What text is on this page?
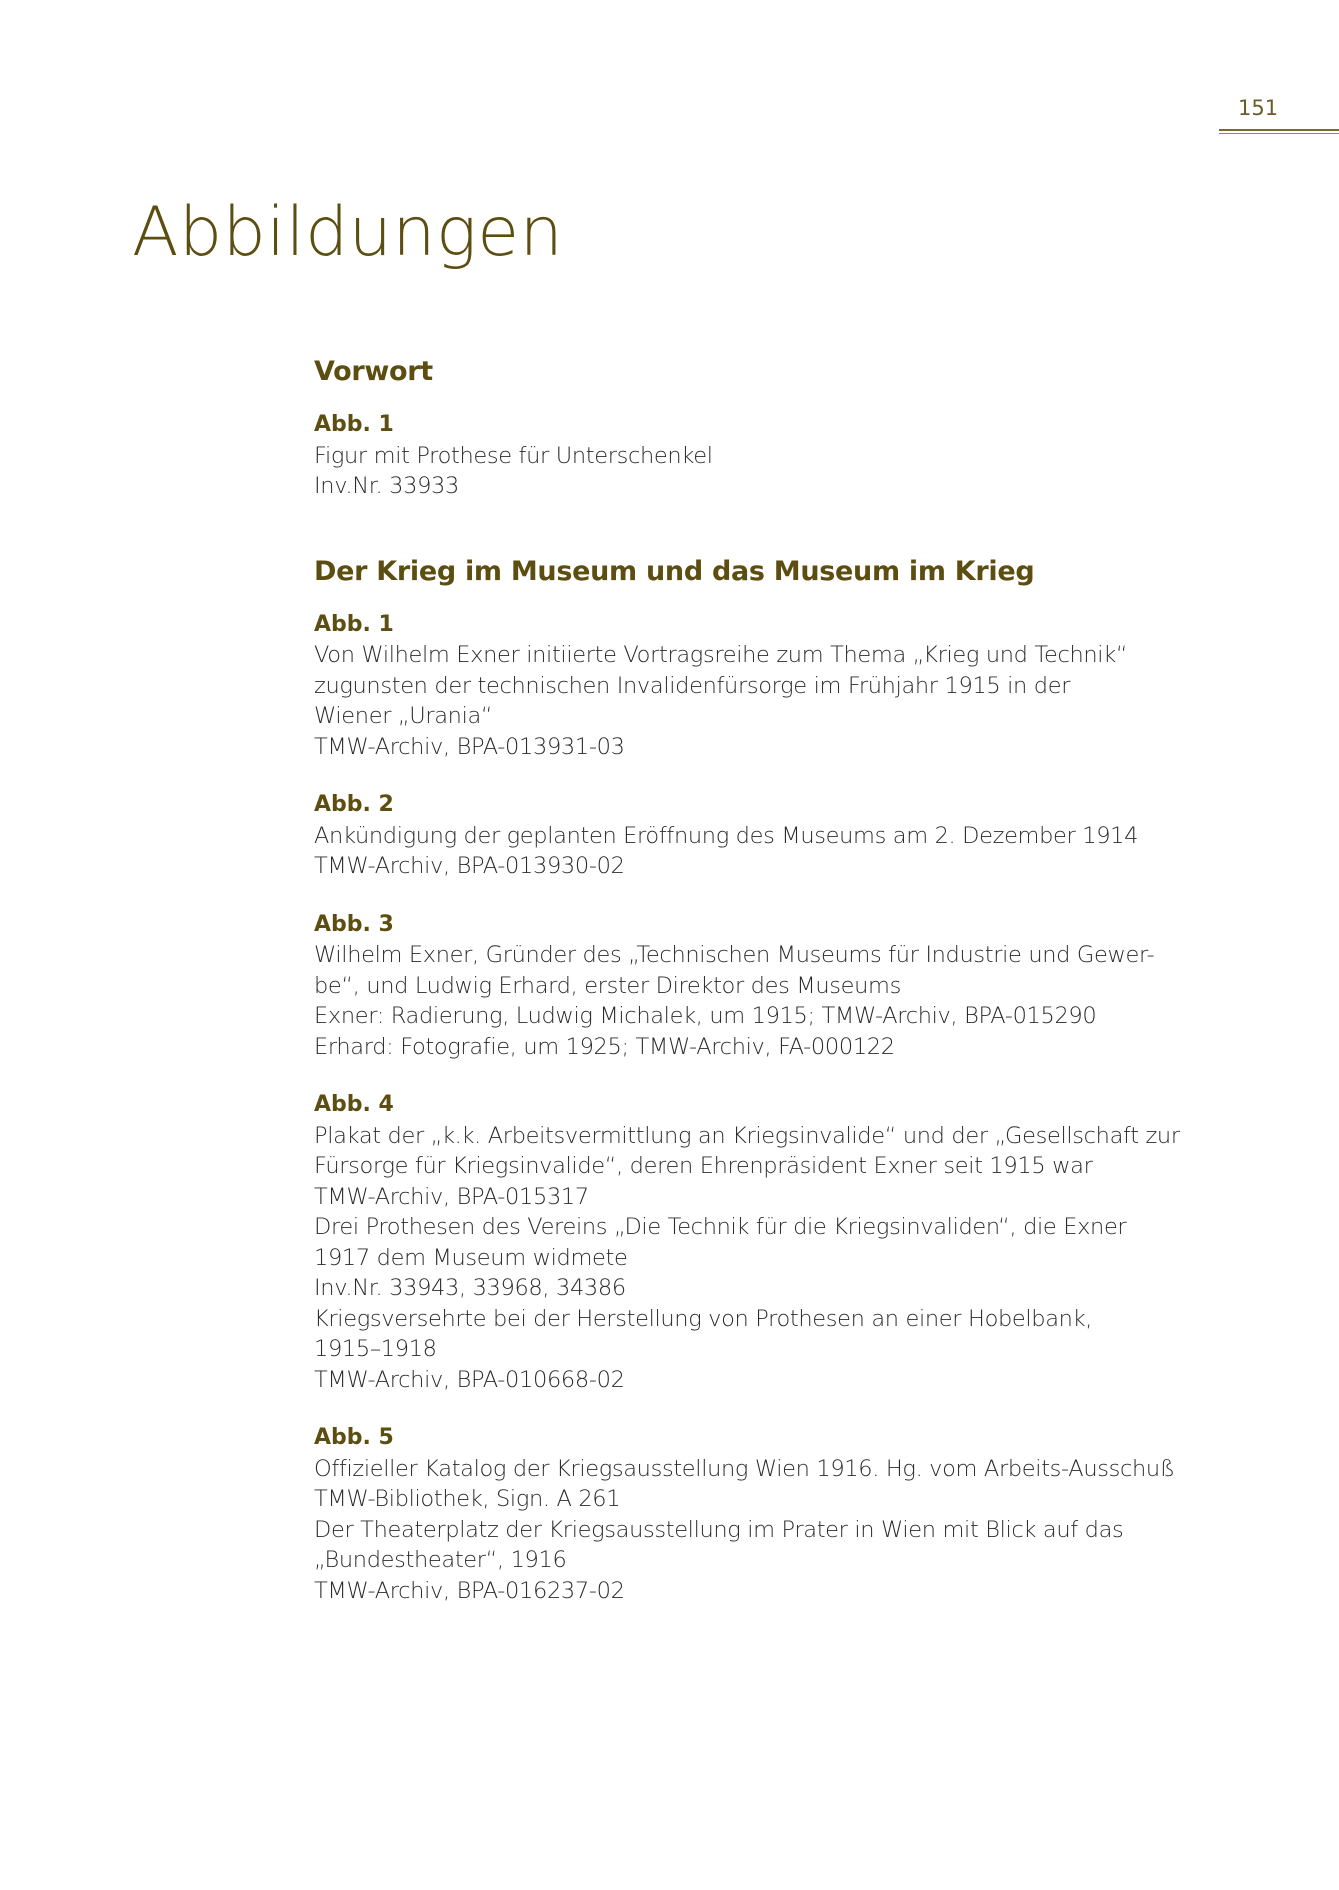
151
Abbildungen
Vorwort
Abb. 1
Figur mit Prothese für Unterschenkel
Inv.Nr. 33933
Der Krieg im Museum und das Museum im Krieg
Abb. 1
Von Wilhelm Exner initiierte Vortragsreihe zum Thema „Krieg und Technik“
zugunsten der technischen Invalidenfürsorge im Frühjahr 1915 in der
Wiener „Urania“
TMW-Archiv, BPA-013931-03
Abb. 2
Ankündigung der geplanten Eröffnung des Museums am 2. Dezember 1914
TMW-Archiv, BPA-013930-02
Abb. 3
Wilhelm Exner, Gründer des „Technischen Museums für Industrie und Gewer-
be“, und Ludwig Erhard, erster Direktor des Museums
Exner: Radierung, Ludwig Michalek, um 1915; TMW-Archiv, BPA-015290
Erhard: Fotografie, um 1925; TMW-Archiv, FA-000122
Abb. 4
Plakat der „k.k. Arbeitsvermittlung an Kriegsinvalide“ und der „Gesellschaft zur
Fürsorge für Kriegsinvalide“, deren Ehrenpräsident Exner seit 1915 war
TMW-Archiv, BPA-015317
Drei Prothesen des Vereins „Die Technik für die Kriegsinvaliden“, die Exner
1917 dem Museum widmete
Inv.Nr. 33943, 33968, 34386
Kriegsversehrte bei der Herstellung von Prothesen an einer Hobelbank,
1915–1918
TMW-Archiv, BPA-010668-02
Abb. 5
Offizieller Katalog der Kriegsausstellung Wien 1916. Hg. vom Arbeits-Ausschuß
TMW-Bibliothek, Sign. A 261
Der Theaterplatz der Kriegsausstellung im Prater in Wien mit Blick auf das
„Bundestheater“, 1916
TMW-Archiv, BPA-016237-02
